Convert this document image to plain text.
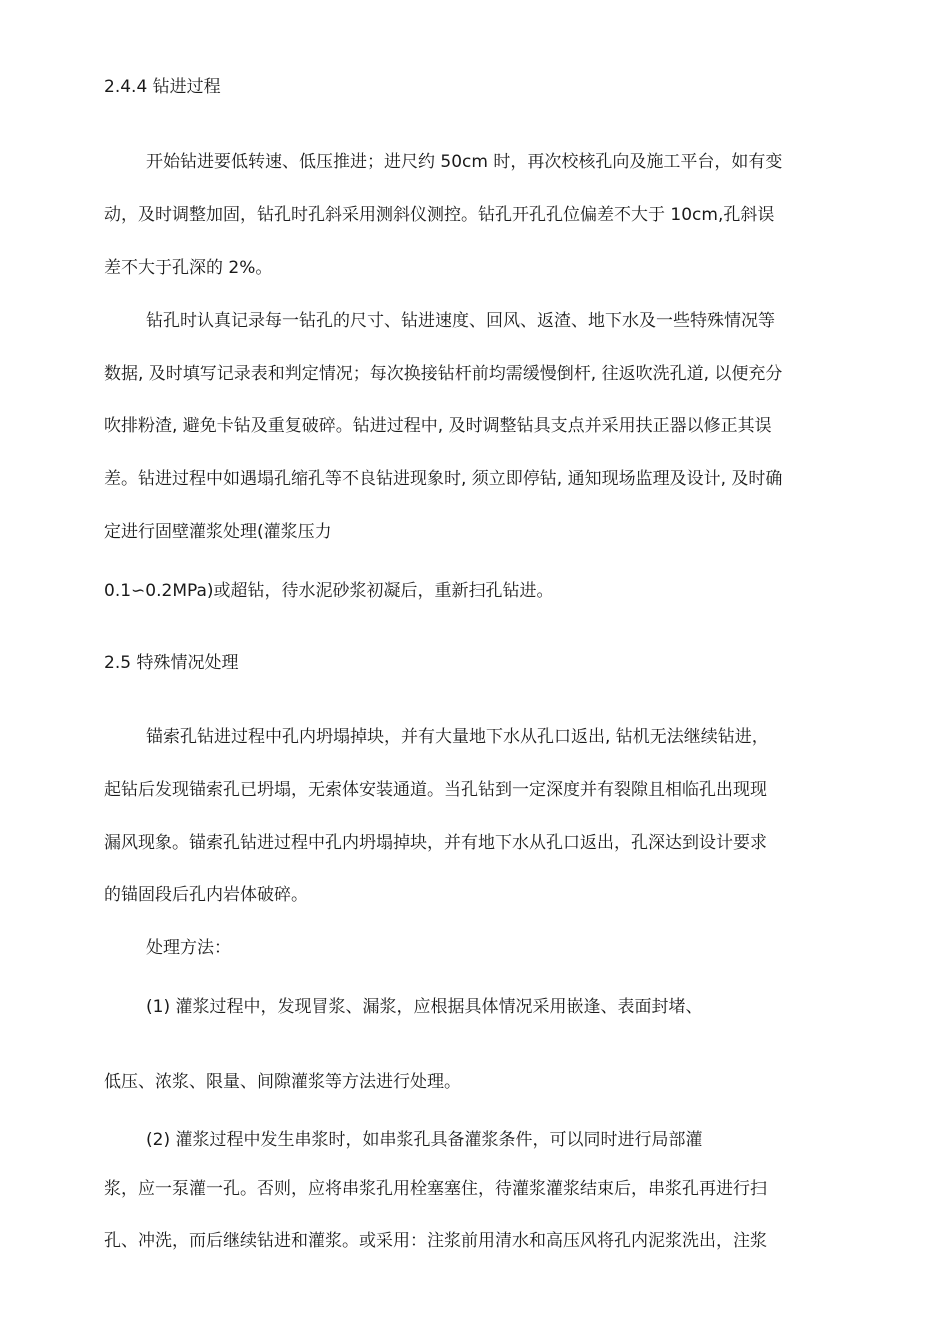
2.4.4 钻进过程

开始钻进要低转速、低压推进；进尺约 50cm 时，再次校核孔向及施工平台，如有变

动，及时调整加固，钻孔时孔斜采用测斜仪测控。钻孔开孔孔位偏差不大于 10cm,孔斜误

差不大于孔深的 2%。

钻孔时认真记录每一钻孔的尺寸、钻进速度、回风、返渣、地下水及一些特殊情况等

数据, 及时填写记录表和判定情况；每次换接钻杆前均需缓慢倒杆, 往返吹洗孔道, 以便充分

吹排粉渣, 避免卡钻及重复破碎。钻进过程中, 及时调整钻具支点并采用扶正器以修正其误

差。钻进过程中如遇塌孔缩孔等不良钻进现象时, 须立即停钻, 通知现场监理及设计, 及时确

定进行固壁灌浆处理(灌浆压力

0.1∽0.2MPa)或超钻，待水泥砂浆初凝后，重新扫孔钻进。

2.5 特殊情况处理

锚索孔钻进过程中孔内坍塌掉块，并有大量地下水从孔口返出, 钻机无法继续钻进，

起钻后发现锚索孔已坍塌，无索体安装通道。当孔钻到一定深度并有裂隙且相临孔出现现

漏风现象。锚索孔钻进过程中孔内坍塌掉块，并有地下水从孔口返出，孔深达到设计要求

的锚固段后孔内岩体破碎。

处理方法：

(1) 灌浆过程中，发现冒浆、漏浆，应根据具体情况采用嵌逢、表面封堵、

低压、浓浆、限量、间隙灌浆等方法进行处理。

(2) 灌浆过程中发生串浆时，如串浆孔具备灌浆条件，可以同时进行局部灌

浆，应一泵灌一孔。否则，应将串浆孔用栓塞塞住，待灌浆灌浆结束后，串浆孔再进行扫

孔、冲洗，而后继续钻进和灌浆。或采用：注浆前用清水和高压风将孔内泥浆洗出，注浆
